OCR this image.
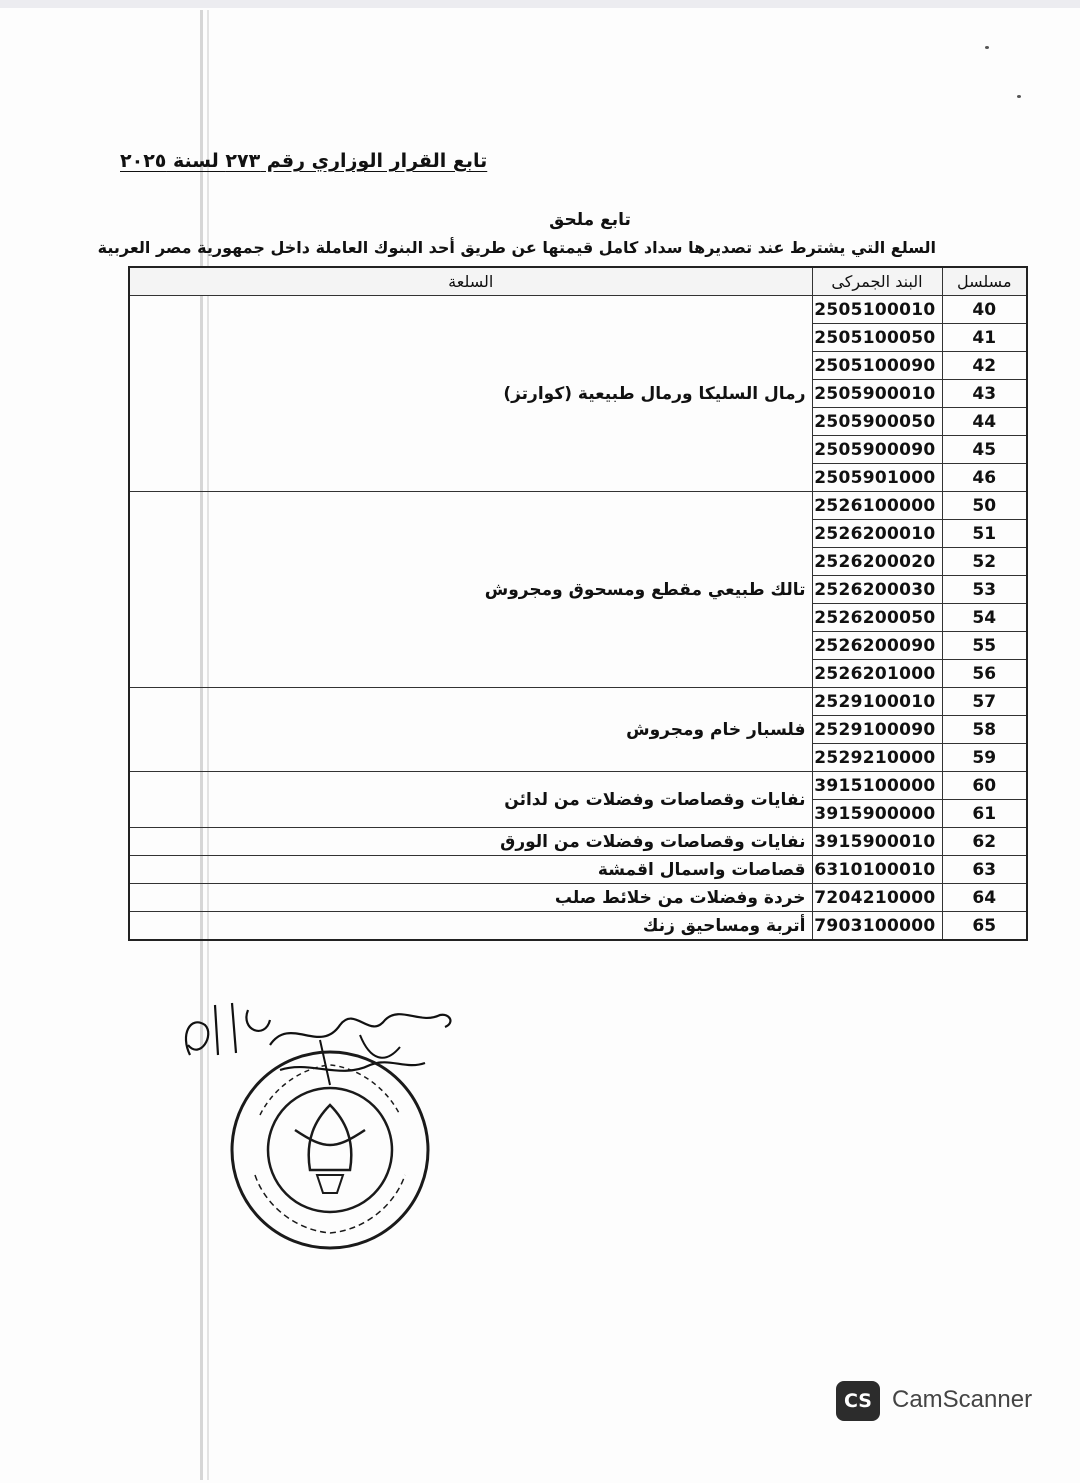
تابع القرار الوزاري رقم ٢٧٣ لسنة ٢٠٢٥
تابع ملحق
السلع التي يشترط عند تصديرها سداد كامل قيمتها عن طريق أحد البنوك العاملة داخل جمهورية مصر العربية
مسلسل	البند الجمركى	السلعة
40	2505100010	رمال السليكا ورمال طبيعية (كوارتز)
41	2505100050	
42	2505100090	
43	2505900010	
44	2505900050	
45	2505900090	
46	2505901000	
50	2526100000	تالك طبيعي مقطع ومسحوق ومجروش
51	2526200010	
52	2526200020	
53	2526200030	
54	2526200050	
55	2526200090	
56	2526201000	
57	2529100010	فلسبار خام ومجروش
58	2529100090	
59	2529210000	
60	3915100000	نفايات وقصاصات وفضلات من لدائن
61	3915900000	
62	3915900010	نفايات وقصاصات وفضلات من الورق
63	6310100010	قصاصات واسمال اقمشة
64	7204210000	خردة وفضلات من خلائط صلب
65	7903100000	أتربة ومساحيق زنك
CS CamScanner
